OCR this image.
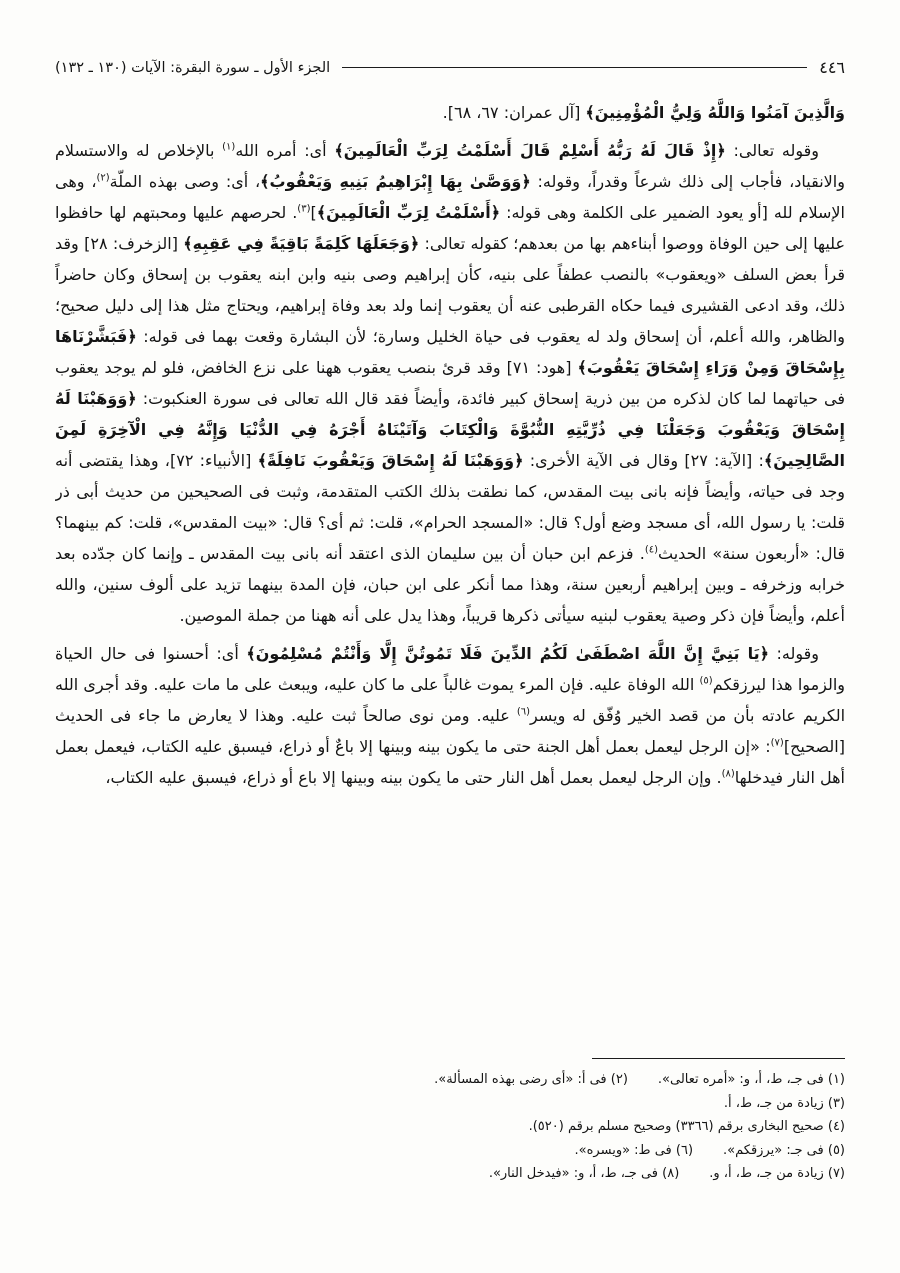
٤٤٦
الجزء الأول ـ سورة البقرة: الآيات (١٣٠ ـ ١٣٢)

وَالَّذِينَ آمَنُوا وَاللَّهُ وَلِيُّ الْمُؤْمِنِينَ﴾ [آل عمران: ٦٧، ٦٨].

وقوله تعالى: ﴿إِذْ قَالَ لَهُ رَبُّهُ أَسْلِمْ قَالَ أَسْلَمْتُ لِرَبِّ الْعَالَمِينَ﴾ أى: أمره الله$^{(١)}$ بالإخلاص له والاستسلام والانقياد، فأجاب إلى ذلك شرعاً وقدراً، وقوله: ﴿وَوَصَّىٰ بِهَا إِبْرَاهِيمُ بَنِيهِ وَيَعْقُوبُ﴾، أى: وصى بهذه الملّة$^{(٢)}$، وهى الإسلام لله [أو يعود الضمير على الكلمة وهى قوله: ﴿أَسْلَمْتُ لِرَبِّ الْعَالَمِينَ﴾]$^{(٣)}$. لحرصهم عليها ومحبتهم لها حافظوا عليها إلى حين الوفاة ووصوا أبناءهم بها من بعدهم؛ كقوله تعالى: ﴿وَجَعَلَهَا كَلِمَةً بَاقِيَةً فِي عَقِبِهِ﴾ [الزخرف: ٢٨] وقد قرأ بعض السلف «ويعقوب» بالنصب عطفاً على بنيه، كأن إبراهيم وصى بنيه وابن ابنه يعقوب بن إسحاق وكان حاضراً ذلك، وقد ادعى القشيرى فيما حكاه القرطبى عنه أن يعقوب إنما ولد بعد وفاة إبراهيم، ويحتاج مثل هذا إلى دليل صحيح؛ والظاهر، والله أعلم، أن إسحاق ولد له يعقوب فى حياة الخليل وسارة؛ لأن البشارة وقعت بهما فى قوله: ﴿فَبَشَّرْنَاهَا بِإِسْحَاقَ وَمِنْ وَرَاءِ إِسْحَاقَ يَعْقُوبَ﴾ [هود: ٧١] وقد قرئ بنصب يعقوب ههنا على نزع الخافض، فلو لم يوجد يعقوب فى حياتهما لما كان لذكره من بين ذرية إسحاق كبير فائدة، وأيضاً فقد قال الله تعالى فى سورة العنكبوت: ﴿وَوَهَبْنَا لَهُ إِسْحَاقَ وَيَعْقُوبَ وَجَعَلْنَا فِي ذُرِّيَّتِهِ النُّبُوَّةَ وَالْكِتَابَ وَآتَيْنَاهُ أَجْرَهُ فِي الدُّنْيَا وَإِنَّهُ فِي الْآخِرَةِ لَمِنَ الصَّالِحِينَ﴾: [الآية: ٢٧] وقال فى الآية الأخرى: ﴿وَوَهَبْنَا لَهُ إِسْحَاقَ وَيَعْقُوبَ نَافِلَةً﴾ [الأنبياء: ٧٢]، وهذا يقتضى أنه وجد فى حياته، وأيضاً فإنه بانى بيت المقدس، كما نطقت بذلك الكتب المتقدمة، وثبت فى الصحيحين من حديث أبى ذر قلت: يا رسول الله، أى مسجد وضع أول؟ قال: «المسجد الحرام»، قلت: ثم أى؟ قال: «بيت المقدس»، قلت: كم بينهما؟ قال: «أربعون سنة» الحديث$^{(٤)}$. فزعم ابن حبان أن بين سليمان الذى اعتقد أنه بانى بيت المقدس ـ وإنما كان جدّده بعد خرابه وزخرفه ـ وبين إبراهيم أربعين سنة، وهذا مما أنكر على ابن حبان، فإن المدة بينهما تزيد على ألوف سنين، والله أعلم، وأيضاً فإن ذكر وصية يعقوب لبنيه سيأتى ذكرها قريباً، وهذا يدل على أنه ههنا من جملة الموصين.

وقوله: ﴿يَا بَنِيَّ إِنَّ اللَّهَ اصْطَفَىٰ لَكُمُ الدِّينَ فَلَا تَمُوتُنَّ إِلَّا وَأَنْتُمْ مُسْلِمُونَ﴾ أى: أحسنوا فى حال الحياة والزموا هذا ليرزقكم$^{(٥)}$ الله الوفاة عليه. فإن المرء يموت غالباً على ما كان عليه، ويبعث على ما مات عليه. وقد أجرى الله الكريم عادته بأن من قصد الخير وُفّق له ويسر$^{(٦)}$ عليه. ومن نوى صالحاً ثبت عليه. وهذا لا يعارض ما جاء فى الحديث [الصحيح]$^{(٧)}$: «إن الرجل ليعمل بعمل أهل الجنة حتى ما يكون بينه وبينها إلا باعٌ أو ذراع، فيسبق عليه الكتاب، فيعمل بعمل أهل النار فيدخلها$^{(٨)}$. وإن الرجل ليعمل بعمل أهل النار حتى ما يكون بينه وبينها إلا باع أو ذراع، فيسبق عليه الكتاب،

(١) فى جـ، ط، أ، و: «أمره تعالى».
(٢) فى أ: «أى رضى بهذه المسألة».
(٣) زيادة من جـ، ط، أ.
(٤) صحيح البخارى برقم (٣٣٦٦) وصحيح مسلم برقم (٥٢٠).
(٥) فى جـ: «يرزقكم».
(٦) فى ط: «ويسره».
(٧) زيادة من جـ، ط، أ، و.
(٨) فى جـ، ط، أ، و: «فيدخل النار».
